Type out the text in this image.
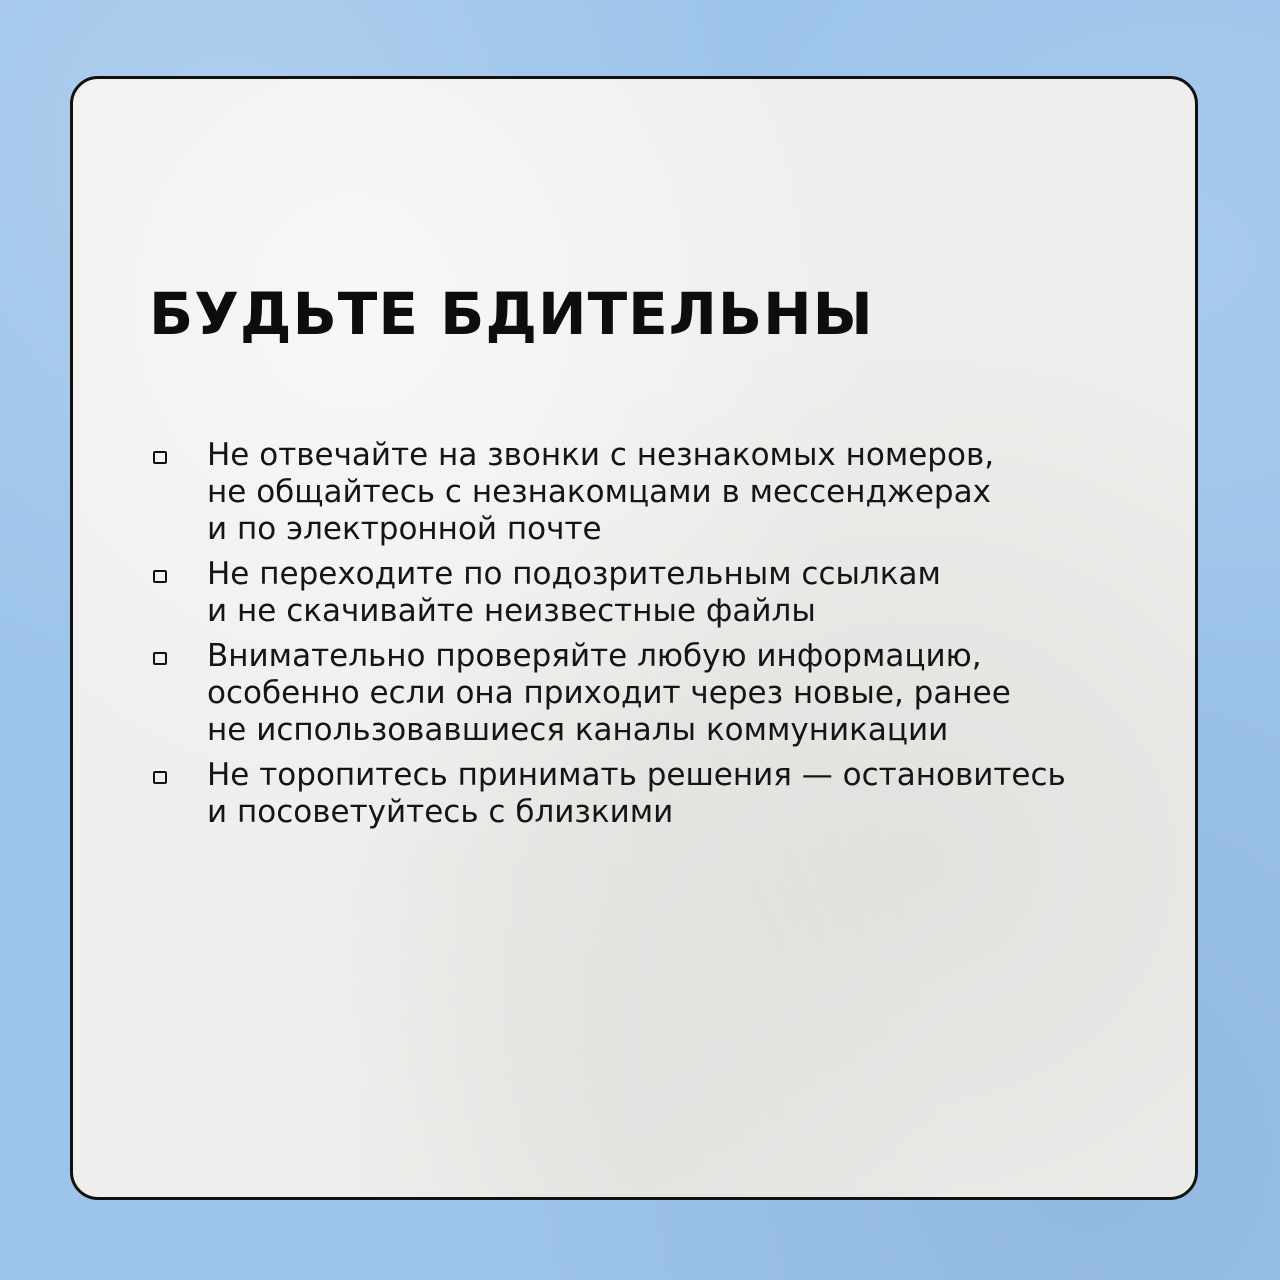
БУДЬТЕ БДИТЕЛЬНЫ
Не отвечайте на звонки с незнакомых номеров,
не общайтесь с незнакомцами в мессенджерах
и по электронной почте
Не переходите по подозрительным ссылкам
и не скачивайте неизвестные файлы
Внимательно проверяйте любую информацию,
особенно если она приходит через новые, ранее
не использовавшиеся каналы коммуникации
Не торопитесь принимать решения — остановитесь
и посоветуйтесь с близкими
